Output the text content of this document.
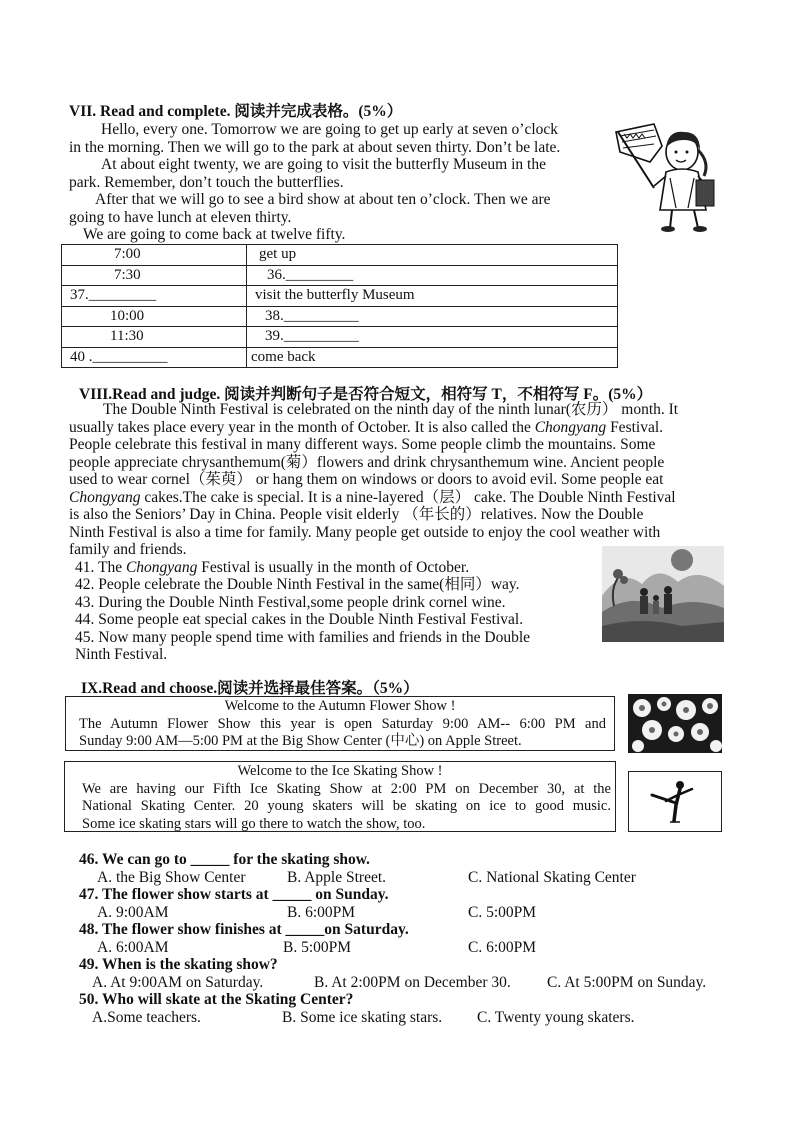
VII. Read and complete. 阅读并完成表格。(5%）
Hello, every one. Tomorrow we are going to get up early at seven o’clock
in the morning. Then we will go to the park at about seven thirty. Don’t be late.
At about eight twenty, we are going to visit the butterfly Museum in the
park. Remember, don’t touch the butterflies.
After that we will go to see a bird show at about ten o’clock. Then we are
going to have lunch at eleven thirty.
We are going to come back at twelve fifty.
7:00	get up
7:30	36._________
37._________	visit the butterfly Museum
10:00	38.__________
11:30	39.__________
40 .__________	come back
VIII.Read and judge. 阅读并判断句子是否符合短文，相符写 T，不相符写 F。(5%）
The Double Ninth Festival is celebrated on the ninth day of the ninth lunar(农历） month. It
usually takes place every year in the month of October. It is also called the Chongyang Festival.
People celebrate this festival in many different ways. Some people climb the mountains. Some
people appreciate chrysanthemum(菊）flowers and drink chrysanthemum wine. Ancient people
used to wear cornel（茱萸） or hang them on windows or doors to avoid evil. Some people eat
Chongyang cakes.The cake is special. It is a nine-layered（层） cake. The Double Ninth Festival
is also the Seniors’ Day in China. People visit elderly （年长的）relatives. Now the Double
Ninth Festival is also a time for family. Many people get outside to enjoy the cool weather with
family and friends.
41. The Chongyang Festival is usually in the month of October.
42. People celebrate the Double Ninth Festival in the same(相同）way.
43. During the Double Ninth Festival,some people drink cornel wine.
44. Some people eat special cakes in the Double Ninth Festival Festival.
45. Now many people spend time with families and friends in the Double
Ninth Festival.
IX.Read and choose.阅读并选择最佳答案。（5%）
Welcome to the Autumn Flower Show !
The Autumn Flower Show this year is open Saturday 9:00 AM-- 6:00 PM and
Sunday 9:00 AM—5:00 PM at the Big Show Center (中心) on Apple Street.
Welcome to the Ice Skating Show !
We are having our Fifth Ice Skating Show at 2:00 PM on December 30, at the
National Skating Center. 20 young skaters will be skating on ice to good music.
Some ice skating stars will go there to watch the show, too.
46. We can go to _____ for the skating show.
A. the Big Show Center	B. Apple Street.	C. National Skating Center
47. The flower show starts at _____ on Sunday.
A. 9:00AM	B. 6:00PM	C. 5:00PM
48. The flower show finishes at _____on Saturday.
A. 6:00AM	B. 5:00PM	C. 6:00PM
49. When is the skating show?
A. At 9:00AM on Saturday.	B. At 2:00PM on December 30. C. At 5:00PM on Sunday.
50. Who will skate at the Skating Center?
A.Some teachers.	B. Some ice skating stars. C. Twenty young skaters.
